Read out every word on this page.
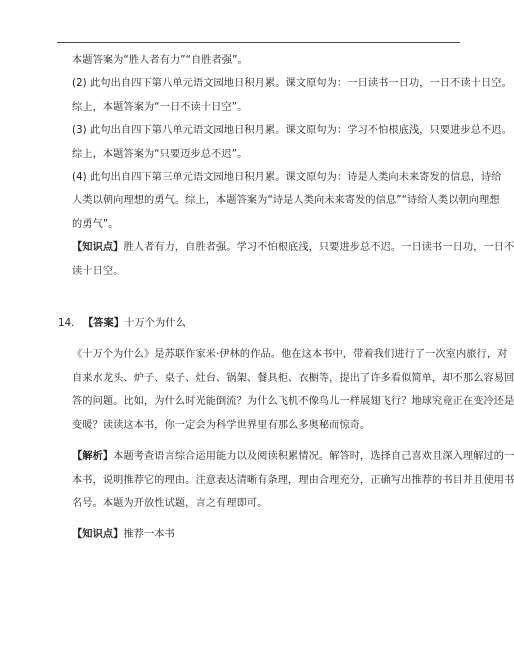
本题答案为“胜人者有力”“自胜者强”。
(2) 此句出自四下第八单元语文园地日积月累。课文原句为：一日读书一日功，一日不读十日空。
综上，本题答案为“一日不读十日空”。
(3) 此句出自四下第八单元语文园地日积月累。课文原句为：学习不怕根底浅，只要进步总不迟。
综上，本题答案为“只要迈步总不迟”。
(4) 此句出自四下第三单元语文园地日积月累。课文原句为：诗是人类向未来寄发的信息，诗给
人类以朝向理想的勇气。综上，本题答案为“诗是人类向未来寄发的信息”“诗给人类以朝向理想
的勇气”。
【知识点】胜人者有力，自胜者强。学习不怕根底浅，只要进步总不迟。一日读书一日功，一日不
读十日空。
14. 【答案】十万个为什么
《十万个为什么》是苏联作家米·伊林的作品。他在这本书中，带着我们进行了一次室内旅行，对
自来水龙头、炉子、桌子、灶台、锅架、餐具柜、衣橱等，提出了许多看似简单，却不那么容易回
答的问题。比如，为什么时光能倒流？为什么飞机不像鸟儿一样展翅飞行？地球究竟正在变冷还是
变暖？读读这本书，你一定会为科学世界里有那么多奥秘而惊奇。
【解析】本题考查语言综合运用能力以及阅读积累情况。解答时，选择自己喜欢且深入理解过的一
本书，说明推荐它的理由。注意表达清晰有条理，理由合理充分，正确写出推荐的书目并且使用书
名号。本题为开放性试题，言之有理即可。
【知识点】推荐一本书
